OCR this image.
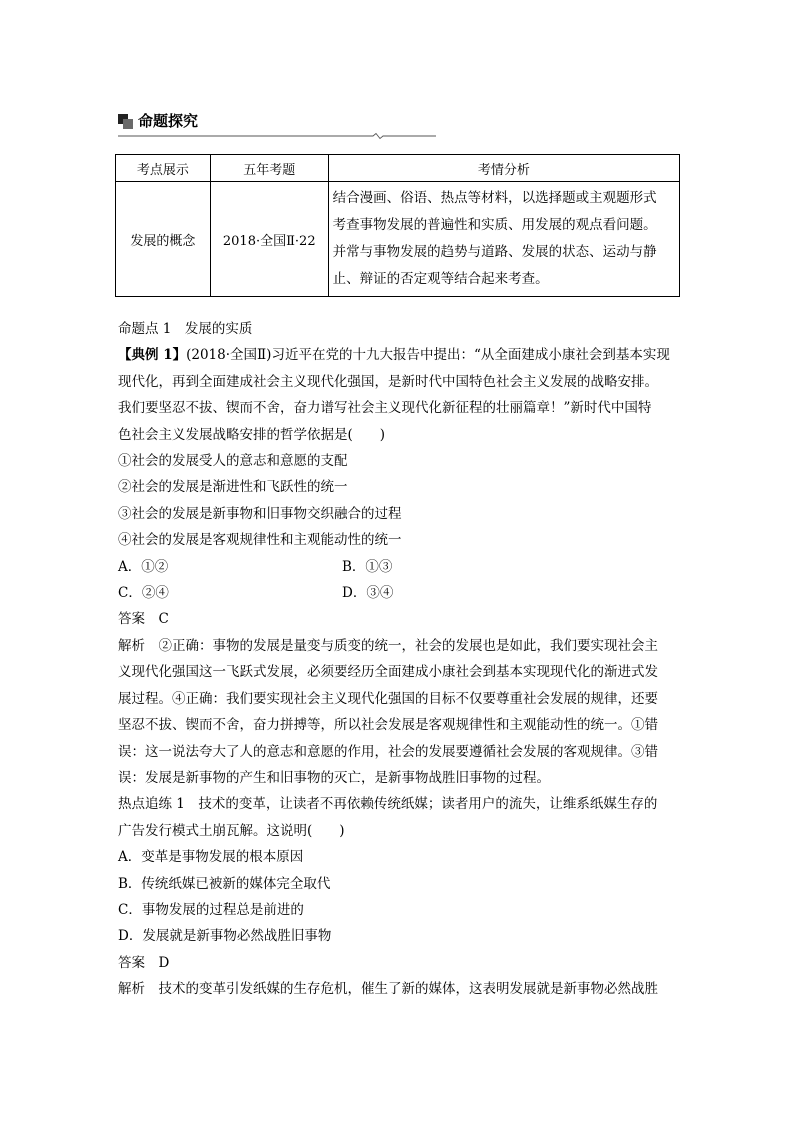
命题探究
考点展示	五年考题	考情分析
发展的概念	2018·全国Ⅱ·22	结合漫画、俗语、热点等材料，以选择题或主观题形式
考查事物发展的普遍性和实质、用发展的观点看问题。
并常与事物发展的趋势与道路、发展的状态、运动与静
止、辩证的否定观等结合起来考查。

命题点 1　发展的实质

【典例 1】(2018·全国Ⅱ)习近平在党的十九大报告中提出：“从全面建成小康社会到基本实现

现代化，再到全面建成社会主义现代化强国，是新时代中国特色社会主义发展的战略安排。

我们要坚忍不拔、锲而不舍，奋力谱写社会主义现代化新征程的壮丽篇章！”新时代中国特

色社会主义发展战略安排的哲学依据是(　　)

①社会的发展受人的意志和意愿的支配

②社会的发展是渐进性和飞跃性的统一

③社会的发展是新事物和旧事物交织融合的过程

④社会的发展是客观规律性和主观能动性的统一

A．①②	B．①③
C．②④	D．③④

答案　C

解析　②正确：事物的发展是量变与质变的统一，社会的发展也是如此，我们要实现社会主

义现代化强国这一飞跃式发展，必须要经历全面建成小康社会到基本实现现代化的渐进式发

展过程。④正确：我们要实现社会主义现代化强国的目标不仅要尊重社会发展的规律，还要

坚忍不拔、锲而不舍，奋力拼搏等，所以社会发展是客观规律性和主观能动性的统一。①错

误：这一说法夸大了人的意志和意愿的作用，社会的发展要遵循社会发展的客观规律。③错

误：发展是新事物的产生和旧事物的灭亡，是新事物战胜旧事物的过程。

热点追练 1　技术的变革，让读者不再依赖传统纸媒；读者用户的流失，让维系纸媒生存的

广告发行模式土崩瓦解。这说明(　　)

A．变革是事物发展的根本原因

B．传统纸媒已被新的媒体完全取代

C．事物发展的过程总是前进的

D．发展就是新事物必然战胜旧事物

答案　D

解析　技术的变革引发纸媒的生存危机，催生了新的媒体，这表明发展就是新事物必然战胜
